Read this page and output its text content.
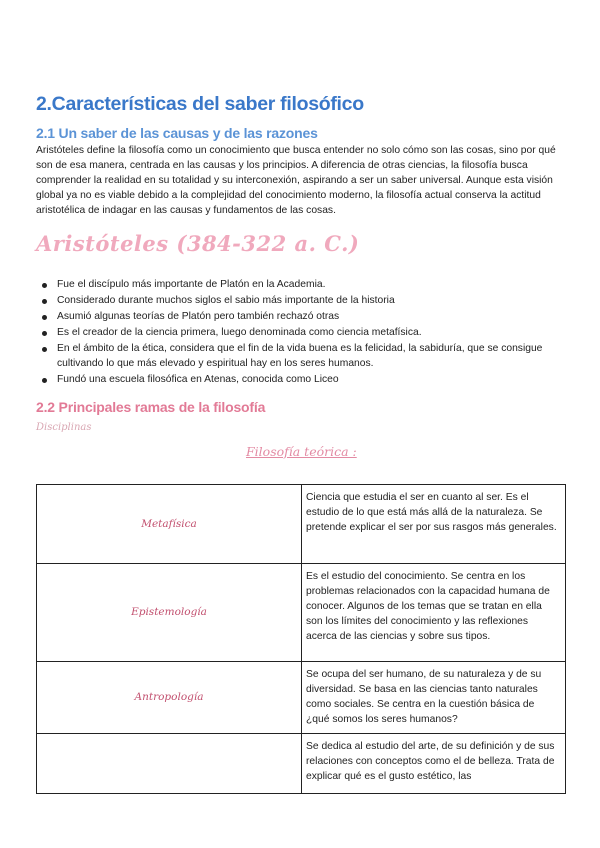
2.Características del saber filosófico
2.1 Un saber de las causas y de las razones

Aristóteles define la filosofía como un conocimiento que busca entender no solo cómo son las cosas, sino por qué son de esa manera, centrada en las causas y los principios. A diferencia de otras ciencias, la filosofía busca comprender la realidad en su totalidad y su interconexión, aspirando a ser un saber universal. Aunque esta visión global ya no es viable debido a la complejidad del conocimiento moderno, la filosofía actual conserva la actitud aristotélica de indagar en las causas y fundamentos de las cosas.

Aristóteles (384-322 a. C.)
Fue el discípulo más importante de Platón en la Academia.
Considerado durante muchos siglos el sabio más importante de la historia
Asumió algunas teorías de Platón pero también rechazó otras
Es el creador de la ciencia primera, luego denominada como ciencia metafísica.
En el ámbito de la ética, considera que el fin de la vida buena es la felicidad, la sabiduría, que se consigue cultivando lo que más elevado y espiritual hay en los seres humanos.
Fundó una escuela filosófica en Atenas, conocida como Liceo
2.2 Principales ramas de la filosofía

Disciplinas

Filosofía teórica :

Metafísica	Ciencia que estudia el ser en cuanto al ser. Es el estudio de lo que está más allá de la naturaleza. Se pretende explicar el ser por sus rasgos más generales.
Epistemología	Es el estudio del conocimiento. Se centra en los problemas relacionados con la capacidad humana de conocer. Algunos de los temas que se tratan en ella son los límites del conocimiento y las reflexiones acerca de las ciencias y sobre sus tipos.
Antropología	Se ocupa del ser humano, de su naturaleza y de su diversidad. Se basa en las ciencias tanto naturales como sociales. Se centra en la cuestión básica de ¿qué somos los seres humanos?
	Se dedica al estudio del arte, de su definición y de sus relaciones con conceptos como el de belleza. Trata de explicar qué es el gusto estético, las
